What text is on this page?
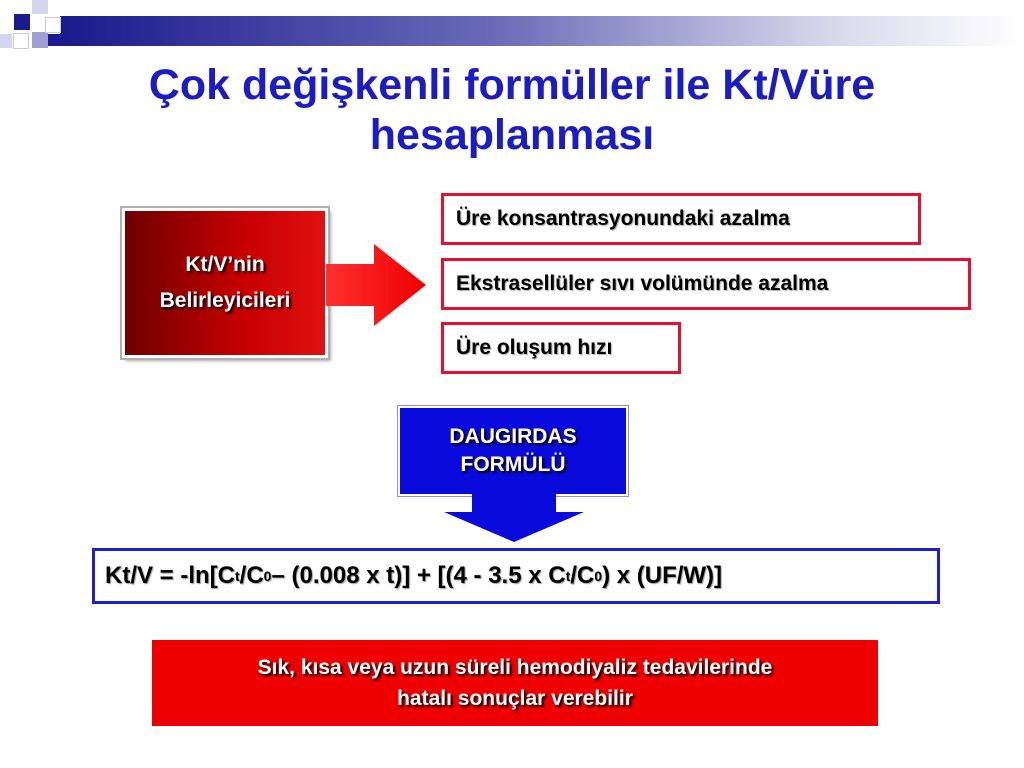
Çok değişkenli formüller ile Kt/Vüre
hesaplanması
Kt/V’nin
Belirleyicileri
Üre konsantrasyonundaki azalma
Ekstrasellüler sıvı volümünde azalma
Üre oluşum hızı
DAUGIRDAS
FORMÜLÜ
Kt/V = -ln[C t /C 0 – (0.008 x t)] + [(4 - 3.5 x C t /C 0 ) x (UF/W)]
Sık, kısa veya uzun süreli hemodiyaliz tedavilerinde
hatalı sonuçlar verebilir
